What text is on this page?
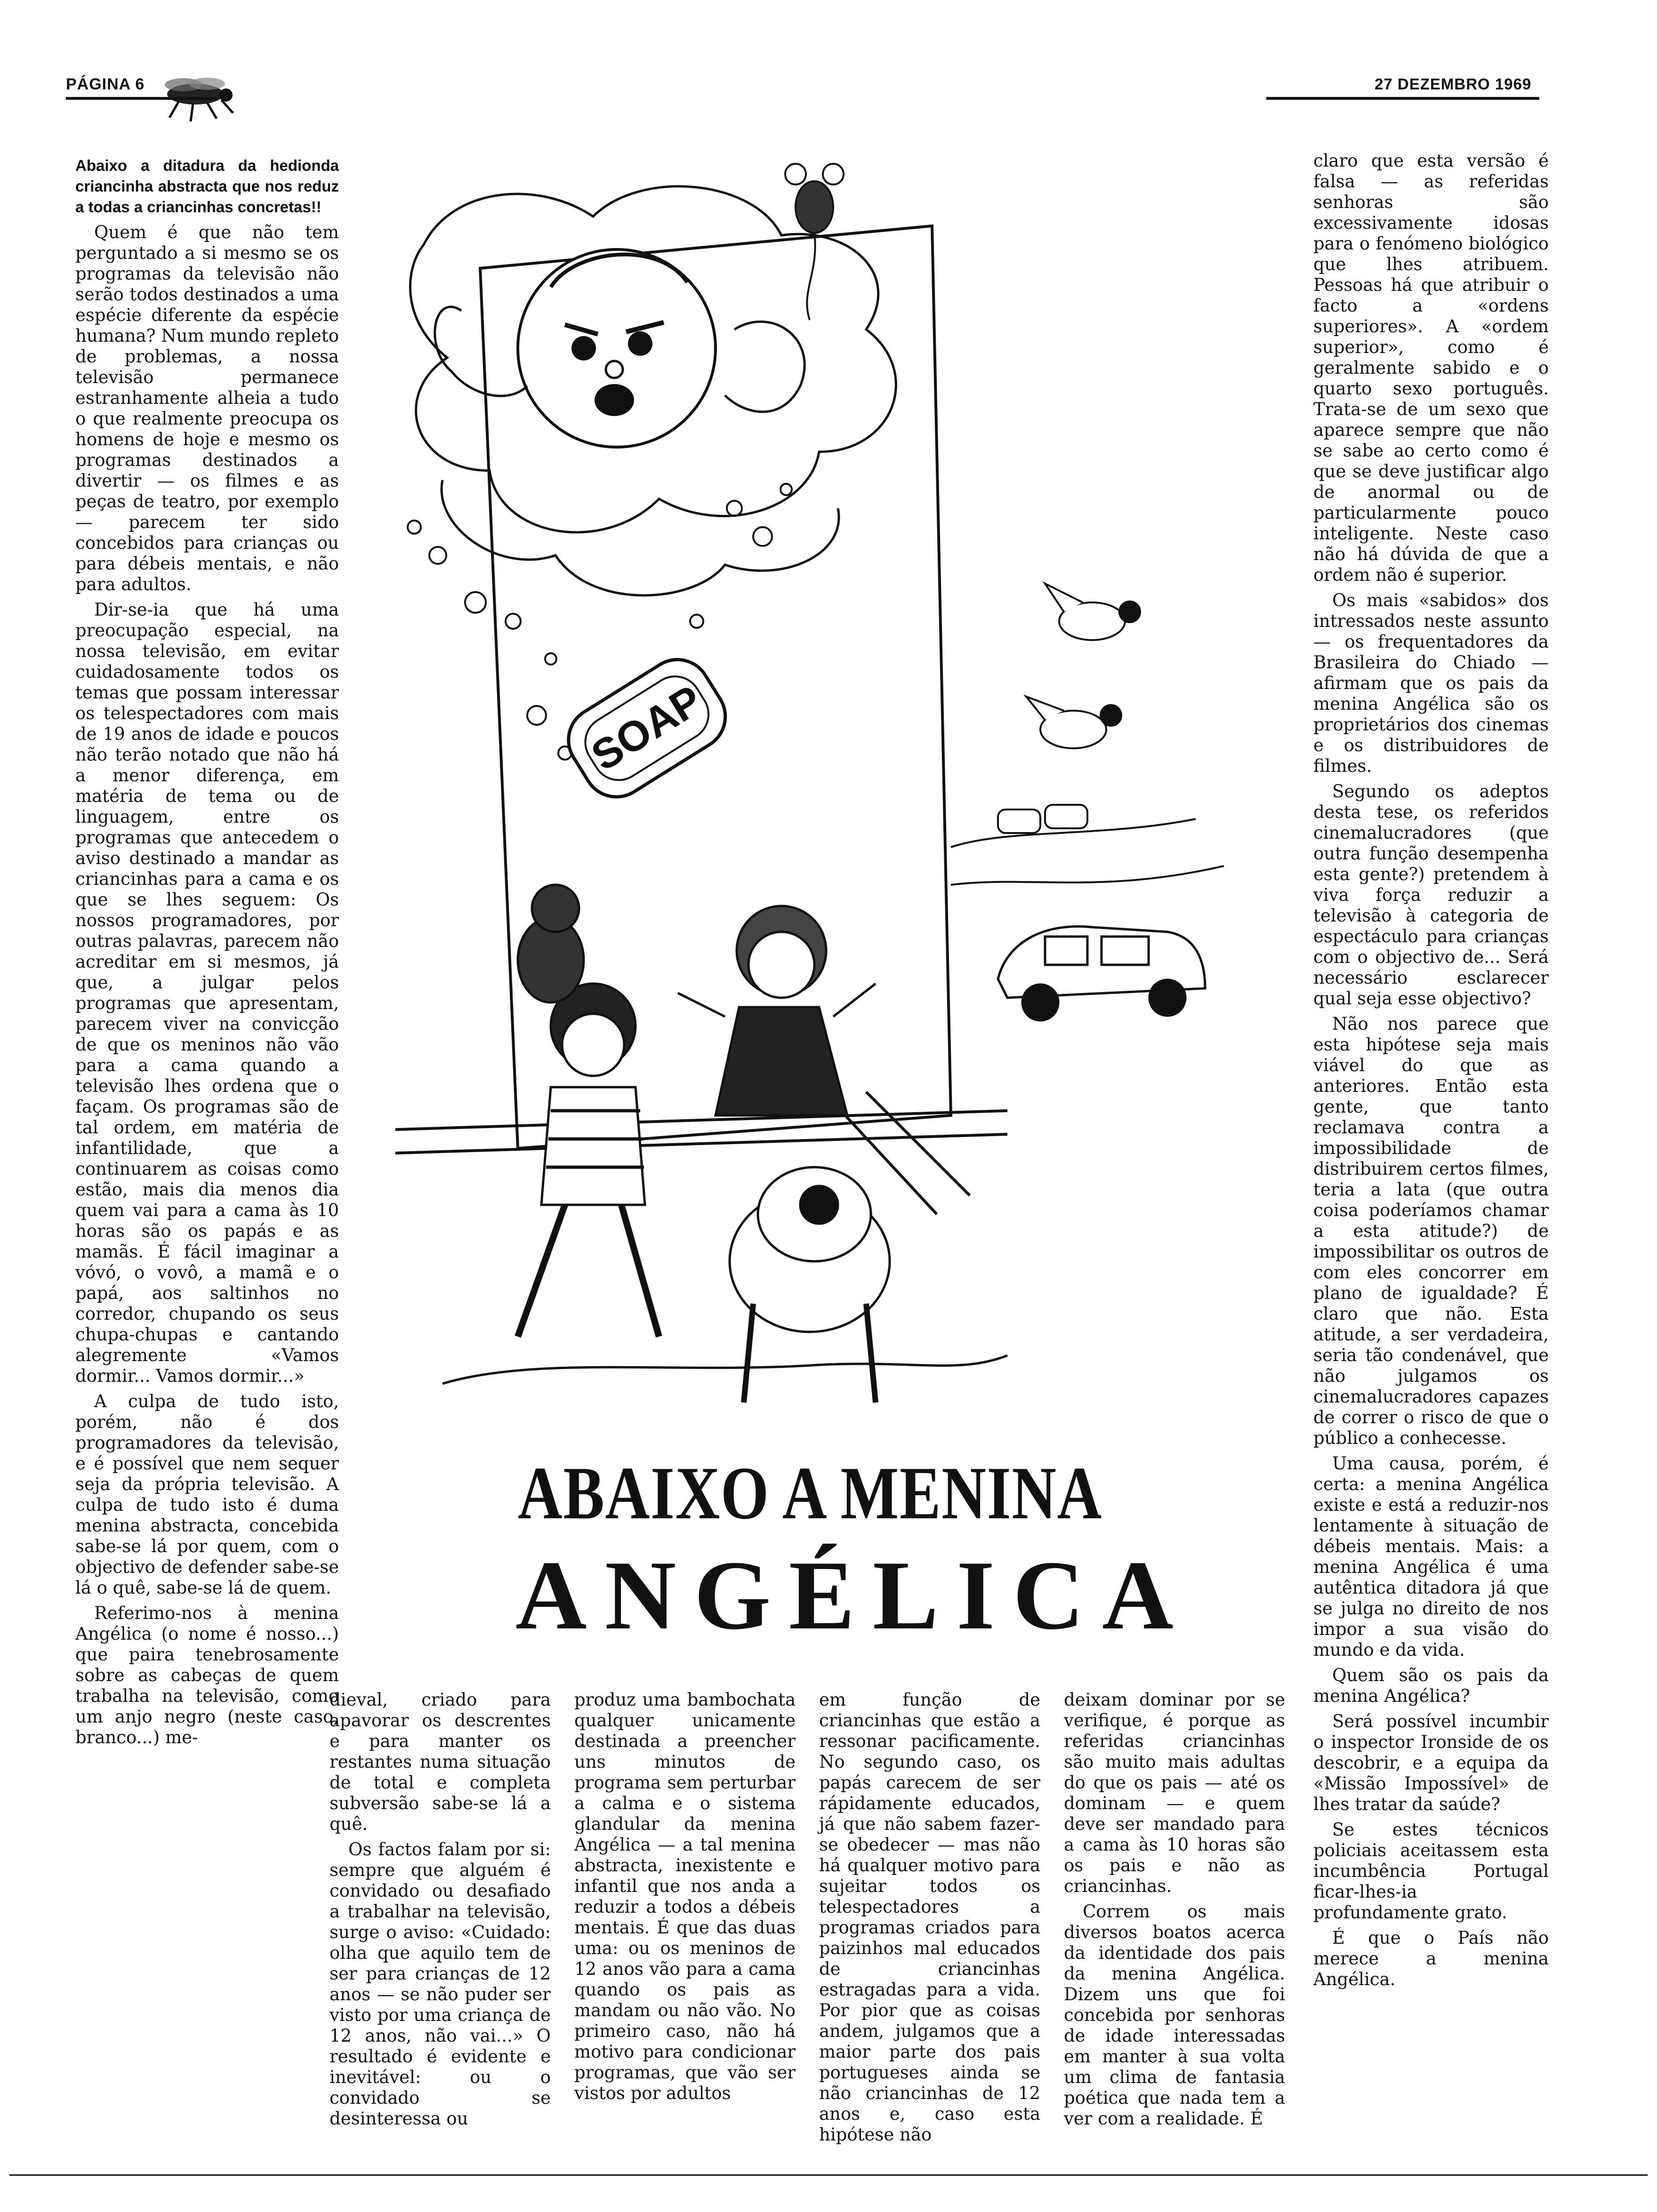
PÁGINA 6	27 DEZEMBRO 1969

Abaixo a ditadura da hedionda criancinha abstracta que nos reduz a todas a criancinhas concretas!!

Quem é que não tem perguntado a si mesmo se os programas da televisão não serão todos destinados a uma espécie diferente da espécie humana? Num mundo repleto de problemas, a nossa televisão permanece estranhamente alheia a tudo o que realmente preocupa os homens de hoje e mesmo os programas destinados a divertir — os filmes e as peças de teatro, por exemplo — parecem ter sido concebidos para crianças ou para débeis mentais, e não para adultos.

Dir-se-ia que há uma preocupação especial, na nossa televisão, em evitar cuidadosamente todos os temas que possam interessar os telespectadores com mais de 19 anos de idade e poucos não terão notado que não há a menor diferença, em matéria de tema ou de linguagem, entre os programas que antecedem o aviso destinado a mandar as criancinhas para a cama e os que se lhes seguem: Os nossos programadores, por outras palavras, parecem não acreditar em si mesmos, já que, a julgar pelos programas que apresentam, parecem viver na convicção de que os meninos não vão para a cama quando a televisão lhes ordena que o façam. Os programas são de tal ordem, em matéria de infantilidade, que a continuarem as coisas como estão, mais dia menos dia quem vai para a cama às 10 horas são os papás e as mamãs. É fácil imaginar a vóvó, o vovô, a mamã e o papá, aos saltinhos no corredor, chupando os seus chupa-chupas e cantando alegremente «Vamos dormir... Vamos dormir...»

A culpa de tudo isto, porém, não é dos programadores da televisão, e é possível que nem sequer seja da própria televisão. A culpa de tudo isto é duma menina abstracta, concebida sabe-se lá por quem, com o objectivo de defender sabe-se lá o quê, sabe-se lá de quem.

Referimo-nos à menina Angélica (o nome é nosso...) que paira tenebrosamente sobre as cabeças de quem trabalha na televisão, como um anjo negro (neste caso, branco...) me-

SOAP
ABAIXO A MENINA
ANGÉLICA

dieval, criado para apavorar os descrentes e para manter os restantes numa situação de total e completa subversão sabe-se lá a quê.

Os factos falam por si: sempre que alguém é convidado ou desafiado a trabalhar na televisão, surge o aviso: «Cuidado: olha que aquilo tem de ser para crianças de 12 anos — se não puder ser visto por uma criança de 12 anos, não vai...» O resultado é evidente e inevitável: ou o convidado se desinteressa ou

produz uma bambochata qualquer unicamente destinada a preencher uns minutos de programa sem perturbar a calma e o sistema glandular da menina Angélica — a tal menina abstracta, inexistente e infantil que nos anda a reduzir a todos a débeis mentais. É que das duas uma: ou os meninos de 12 anos vão para a cama quando os pais as mandam ou não vão. No primeiro caso, não há motivo para condicionar programas, que vão ser vistos por adultos

em função de criancinhas que estão a ressonar pacificamente. No segundo caso, os papás carecem de ser rápidamente educados, já que não sabem fazer-se obedecer — mas não há qualquer motivo para sujeitar todos os telespectadores a programas criados para paizinhos mal educados de criancinhas estragadas para a vida. Por pior que as coisas andem, julgamos que a maior parte dos pais portugueses ainda se não criancinhas de 12 anos e, caso esta hipótese não

deixam dominar por se verifique, é porque as referidas criancinhas são muito mais adultas do que os pais — até os dominam — e quem deve ser mandado para a cama às 10 horas são os pais e não as criancinhas.

Correm os mais diversos boatos acerca da identidade dos pais da menina Angélica. Dizem uns que foi concebida por senhoras de idade interessadas em manter à sua volta um clima de fantasia poética que nada tem a ver com a realidade. É

claro que esta versão é falsa — as referidas senhoras são excessivamente idosas para o fenómeno biológico que lhes atribuem. Pessoas há que atribuir o facto a «ordens superiores». A «ordem superior», como é geralmente sabido e o quarto sexo português. Trata-se de um sexo que aparece sempre que não se sabe ao certo como é que se deve justificar algo de anormal ou de particularmente pouco inteligente. Neste caso não há dúvida de que a ordem não é superior.

Os mais «sabidos» dos intressados neste assunto — os frequentadores da Brasileira do Chiado — afirmam que os pais da menina Angélica são os proprietários dos cinemas e os distribuidores de filmes.

Segundo os adeptos desta tese, os referidos cinemalucradores (que outra função desempenha esta gente?) pretendem à viva força reduzir a televisão à categoria de espectáculo para crianças com o objectivo de... Será necessário esclarecer qual seja esse objectivo?

Não nos parece que esta hipótese seja mais viável do que as anteriores. Então esta gente, que tanto reclamava contra a impossibilidade de distribuirem certos filmes, teria a lata (que outra coisa poderíamos chamar a esta atitude?) de impossibilitar os outros de com eles concorrer em plano de igualdade? É claro que não. Esta atitude, a ser verdadeira, seria tão condenável, que não julgamos os cinemalucradores capazes de correr o risco de que o público a conhecesse.

Uma causa, porém, é certa: a menina Angélica existe e está a reduzir-nos lentamente à situação de débeis mentais. Mais: a menina Angélica é uma autêntica ditadora já que se julga no direito de nos impor a sua visão do mundo e da vida.

Quem são os pais da menina Angélica?

Será possível incumbir o inspector Ironside de os descobrir, e a equipa da «Missão Impossível» de lhes tratar da saúde?

Se estes técnicos policiais aceitassem esta incumbência Portugal ficar-lhes-ia profundamente grato.

É que o País não merece a menina Angélica.
